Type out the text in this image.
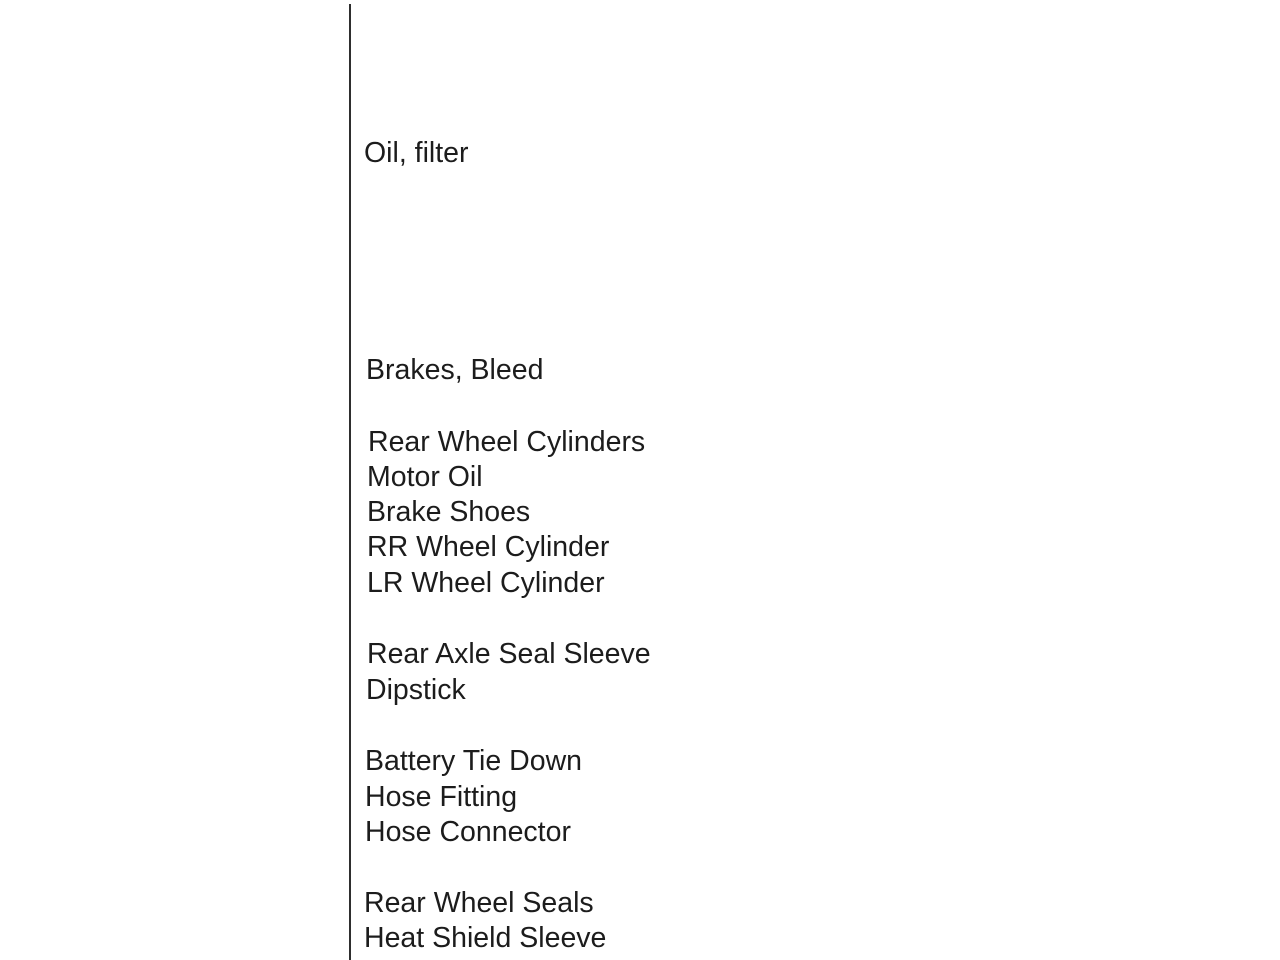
Oil, filter

Brakes, Bleed

Rear Wheel Cylinders

Motor Oil

Brake Shoes

RR Wheel Cylinder

LR Wheel Cylinder

Rear Axle Seal Sleeve

Dipstick

Battery Tie Down

Hose Fitting

Hose Connector

Rear Wheel Seals

Heat Shield Sleeve
